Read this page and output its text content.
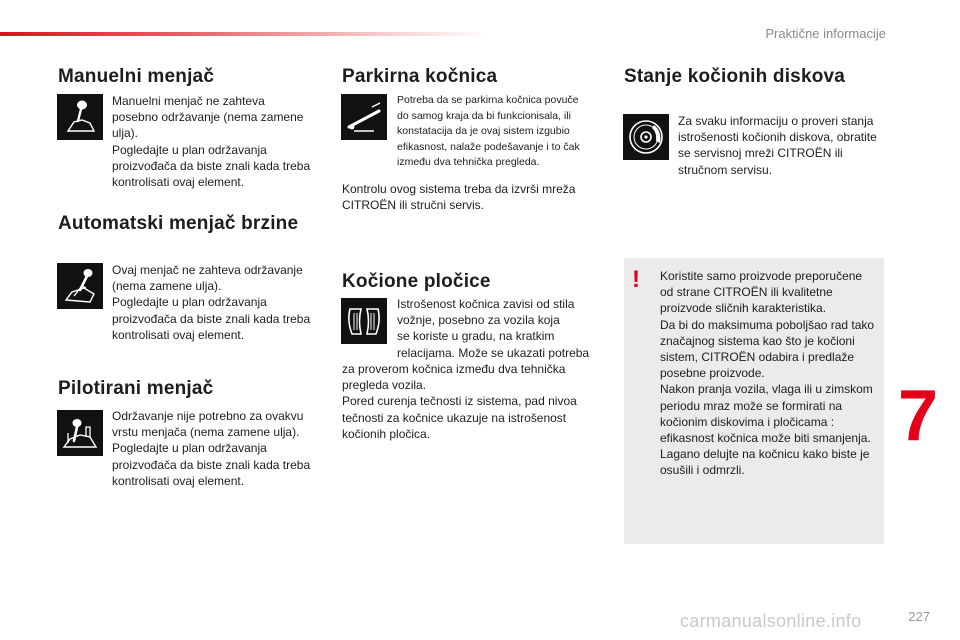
Praktične informacije
Manuelni menjač
Manuelni menjač ne zahteva
posebno održavanje (nema zamene
ulja).
Pogledajte u plan održavanja
proizvođača da biste znali kada treba
kontrolisati ovaj element.
Automatski menjač brzine
Ovaj menjač ne zahteva održavanje
(nema zamene ulja).
Pogledajte u plan održavanja
proizvođača da biste znali kada treba
kontrolisati ovaj element.
Pilotirani menjač
Održavanje nije potrebno za ovakvu
vrstu menjača (nema zamene ulja).
Pogledajte u plan održavanja
proizvođača da biste znali kada treba
kontrolisati ovaj element.
Parkirna kočnica
Potreba da se parkirna kočnica povuče
do samog kraja da bi funkcionisala, ili
konstatacija da je ovaj sistem izgubio
efikasnost, nalaže podešavanje i to čak
između dva tehnička pregleda.
Kontrolu ovog sistema treba da izvrši mreža
CITROËN ili stručni servis.
Kočione pločice
Istrošenost kočnica zavisi od stila
vožnje, posebno za vozila koja
se koriste u gradu, na kratkim
relacijama. Može se ukazati potreba
za proverom kočnica između dva tehnička
pregleda vozila.
Pored curenja tečnosti iz sistema, pad nivoa
tečnosti za kočnice ukazuje na istrošenost
kočionih pločica.
Stanje kočionih diskova
Za svaku informaciju o proveri stanja
istrošenosti kočionih diskova, obratite
se servisnoj mreži CITROËN ili
stručnom servisu.
! Koristite samo proizvode preporučene
od strane CITROËN ili kvalitetne
proizvode sličnih karakteristika.
Da bi do maksimuma poboljšao rad tako
značajnog sistema kao što je kočioni
sistem, CITROËN odabira i predlaže
posebne proizvode.
Nakon pranja vozila, vlaga ili u zimskom
periodu mraz može se formirati na
kočionim diskovima i pločicama :
efikasnost kočnica može biti smanjenja.
Lagano delujte na kočnicu kako biste je
osušili i odmrzli.
7
carmanualsonline.info	227
